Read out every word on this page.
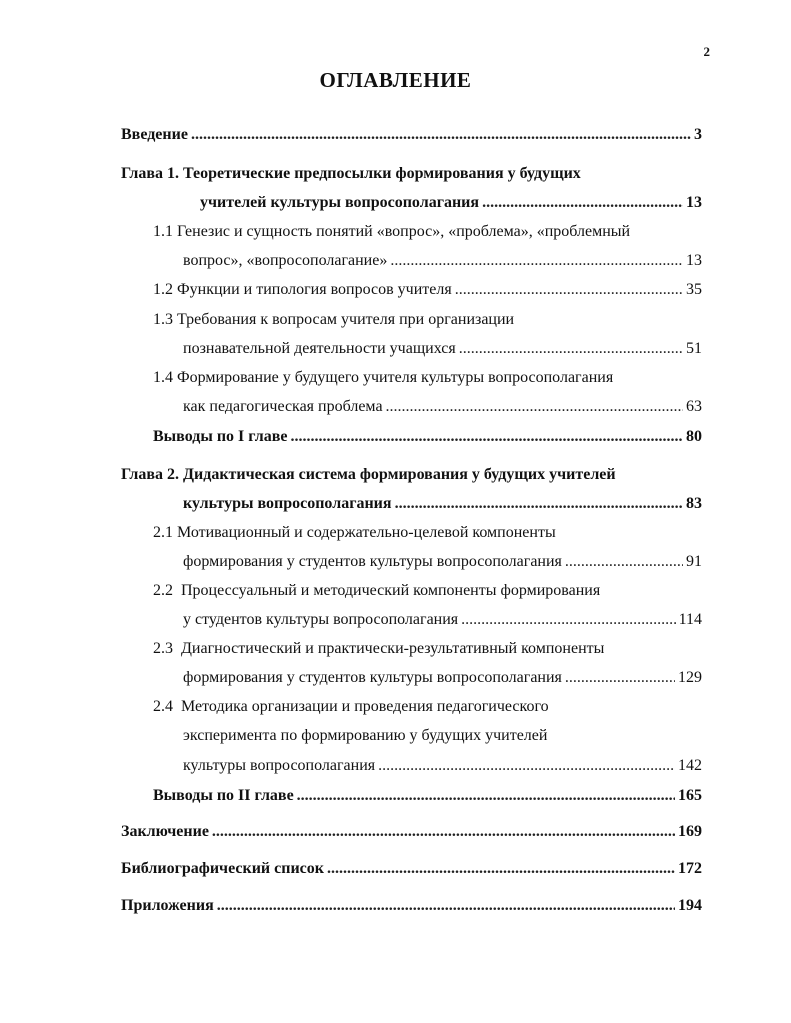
2
ОГЛАВЛЕНИЕ
Введение .....	3
Глава 1. Теоретические предпосылки формирования у будущих
учителей культуры вопросополагания .....	13
1.1 Генезис и сущность понятий «вопрос», «проблема», «проблемный
вопрос», «вопросополагание» .....	13
1.2 Функции и типология вопросов учителя .....	35
1.3 Требования к вопросам учителя при организации
познавательной деятельности учащихся .....	51
1.4 Формирование у будущего учителя культуры вопросополагания
как педагогическая проблема .....	63
Выводы по I главе .....	80
Глава 2. Дидактическая система формирования у будущих учителей
культуры вопросополагания .....	83
2.1 Мотивационный и содержательно-целевой компоненты
формирования у студентов культуры вопросополагания .....	91
2.2  Процессуальный и методический компоненты формирования
у студентов культуры вопросополагания .....	114
2.3  Диагностический и практически-результативный компоненты
формирования у студентов культуры вопросополагания .....	129
2.4  Методика организации и проведения педагогического
эксперимента по формированию у будущих учителей
культуры вопросополагания .....	142
Выводы по II главе .....	165
Заключение .....	169
Библиографический список .....	172
Приложения .....	194
